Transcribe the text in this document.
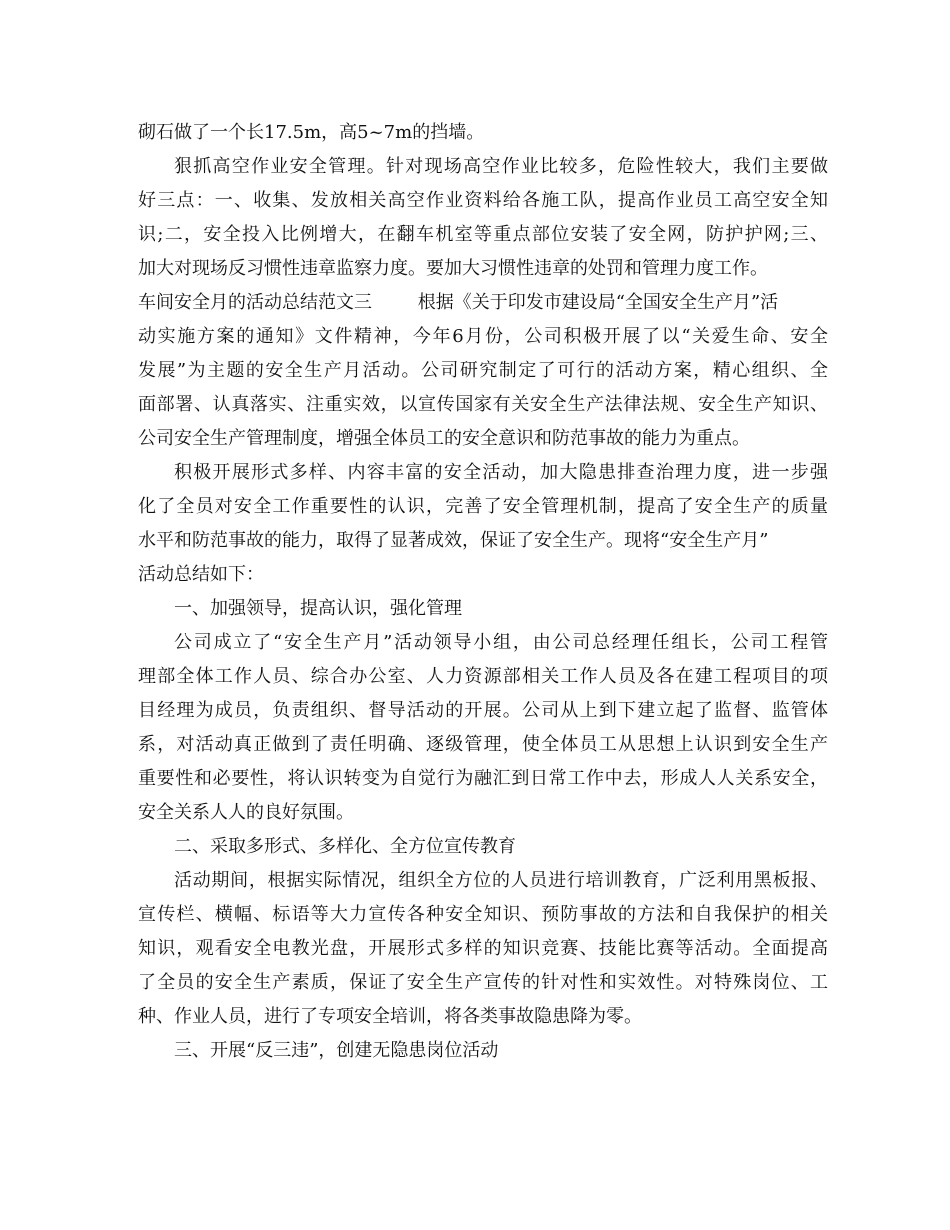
砌石做了一个长17.5m，高5~7m的挡墙。
狠抓高空作业安全管理。针对现场高空作业比较多，危险性较大，我们主要做
好三点：一、收集、发放相关高空作业资料给各施工队，提高作业员工高空安全知
识;二，安全投入比例增大，在翻车机室等重点部位安装了安全网，防护护网;三、
加大对现场反习惯性违章监察力度。要加大习惯性违章的处罚和管理力度工作。
车间安全月的活动总结范文三        根据《关于印发市建设局“全国安全生产月”活
动实施方案的通知》文件精神，今年6月份，公司积极开展了以“关爱生命、安全
发展”为主题的安全生产月活动。公司研究制定了可行的活动方案，精心组织、全
面部署、认真落实、注重实效，以宣传国家有关安全生产法律法规、安全生产知识、
公司安全生产管理制度，增强全体员工的安全意识和防范事故的能力为重点。
积极开展形式多样、内容丰富的安全活动，加大隐患排查治理力度，进一步强
化了全员对安全工作重要性的认识，完善了安全管理机制，提高了安全生产的质量
水平和防范事故的能力，取得了显著成效，保证了安全生产。现将“安全生产月”
活动总结如下：
一、加强领导，提高认识，强化管理
公司成立了“安全生产月”活动领导小组，由公司总经理任组长，公司工程管
理部全体工作人员、综合办公室、人力资源部相关工作人员及各在建工程项目的项
目经理为成员，负责组织、督导活动的开展。公司从上到下建立起了监督、监管体
系，对活动真正做到了责任明确、逐级管理，使全体员工从思想上认识到安全生产
重要性和必要性，将认识转变为自觉行为融汇到日常工作中去，形成人人关系安全，
安全关系人人的良好氛围。
二、采取多形式、多样化、全方位宣传教育
活动期间，根据实际情况，组织全方位的人员进行培训教育，广泛利用黑板报、
宣传栏、横幅、标语等大力宣传各种安全知识、预防事故的方法和自我保护的相关
知识，观看安全电教光盘，开展形式多样的知识竞赛、技能比赛等活动。全面提高
了全员的安全生产素质，保证了安全生产宣传的针对性和实效性。对特殊岗位、工
种、作业人员，进行了专项安全培训，将各类事故隐患降为零。
三、开展“反三违”，创建无隐患岗位活动
